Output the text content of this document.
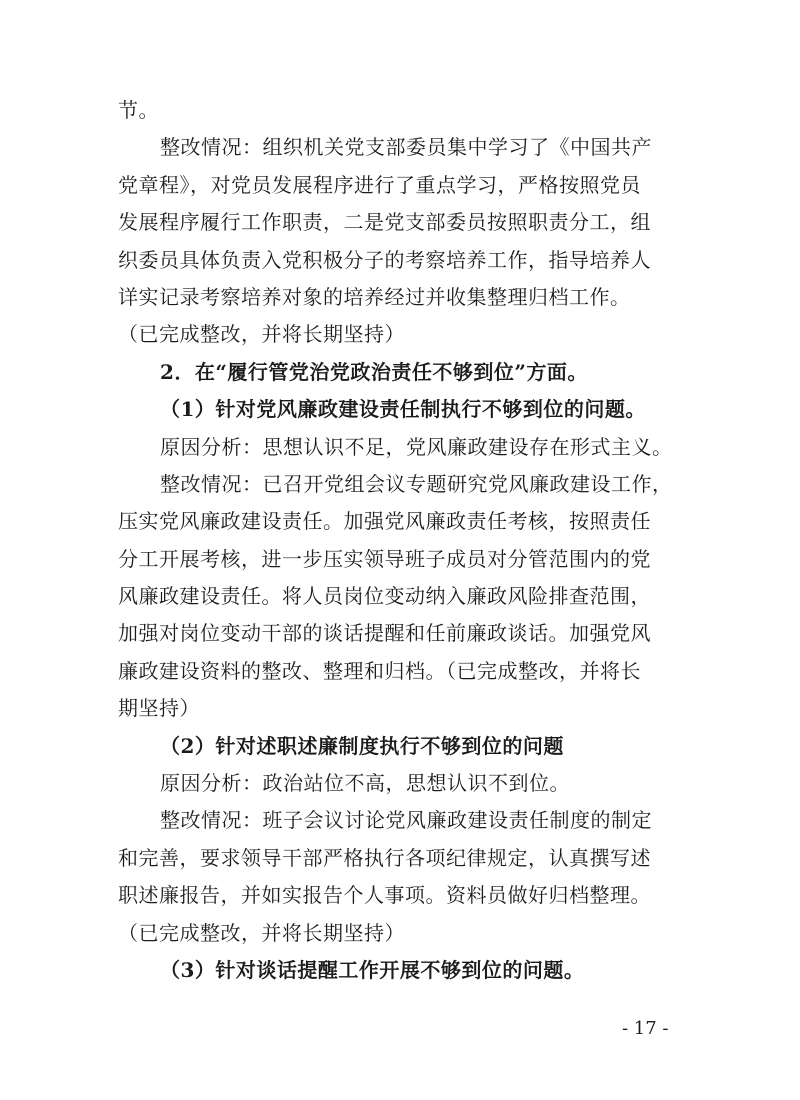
节。
整改情况：组织机关党支部委员集中学习了《中国共产
党章程》，对党员发展程序进行了重点学习，严格按照党员
发展程序履行工作职责，二是党支部委员按照职责分工，组
织委员具体负责入党积极分子的考察培养工作，指导培养人
详实记录考察培养对象的培养经过并收集整理归档工作。
（已完成整改，并将长期坚持）
2．在“履行管党治党政治责任不够到位”方面。
（1）针对党风廉政建设责任制执行不够到位的问题。
原因分析：思想认识不足，党风廉政建设存在形式主义。
整改情况：已召开党组会议专题研究党风廉政建设工作，
压实党风廉政建设责任。加强党风廉政责任考核，按照责任
分工开展考核，进一步压实领导班子成员对分管范围内的党
风廉政建设责任。将人员岗位变动纳入廉政风险排查范围，
加强对岗位变动干部的谈话提醒和任前廉政谈话。加强党风
廉政建设资料的整改、整理和归档。（已完成整改，并将长
期坚持）
（2）针对述职述廉制度执行不够到位的问题
原因分析：政治站位不高，思想认识不到位。
整改情况：班子会议讨论党风廉政建设责任制度的制定
和完善，要求领导干部严格执行各项纪律规定，认真撰写述
职述廉报告，并如实报告个人事项。资料员做好归档整理。
（已完成整改，并将长期坚持）
（3）针对谈话提醒工作开展不够到位的问题。
- 17 -
